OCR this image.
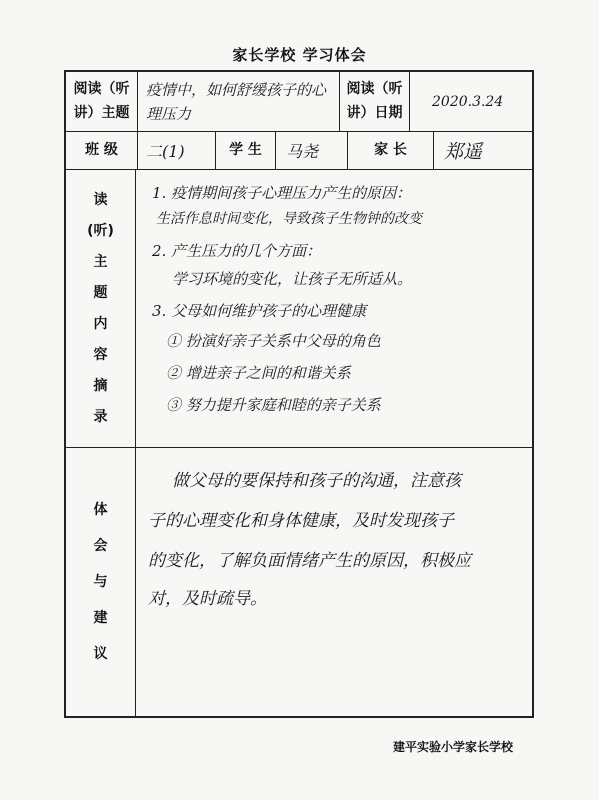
家长学校 学习体会
阅读（听讲）主题
疫情中，如何舒缓孩子的心理压力
阅读（听讲）日期
2020.3.24
班 级 二(1)	学 生 马尧	家 长 郑遥
读
(听)
主
题
内
容
摘
录
1. 疫情期间孩子心理压力产生的原因：
生活作息时间变化，导致孩子生物钟的改变
2. 产生压力的几个方面：
学习环境的变化，让孩子无所适从。
3. 父母如何维护孩子的心理健康
① 扮演好亲子关系中父母的角色
② 增进亲子之间的和谐关系
③ 努力提升家庭和睦的亲子关系
体
会
与
建
议
做父母的要保持和孩子的沟通，注意孩
子的心理变化和身体健康，及时发现孩子
的变化，了解负面情绪产生的原因，积极应
对，及时疏导。
建平实验小学家长学校
